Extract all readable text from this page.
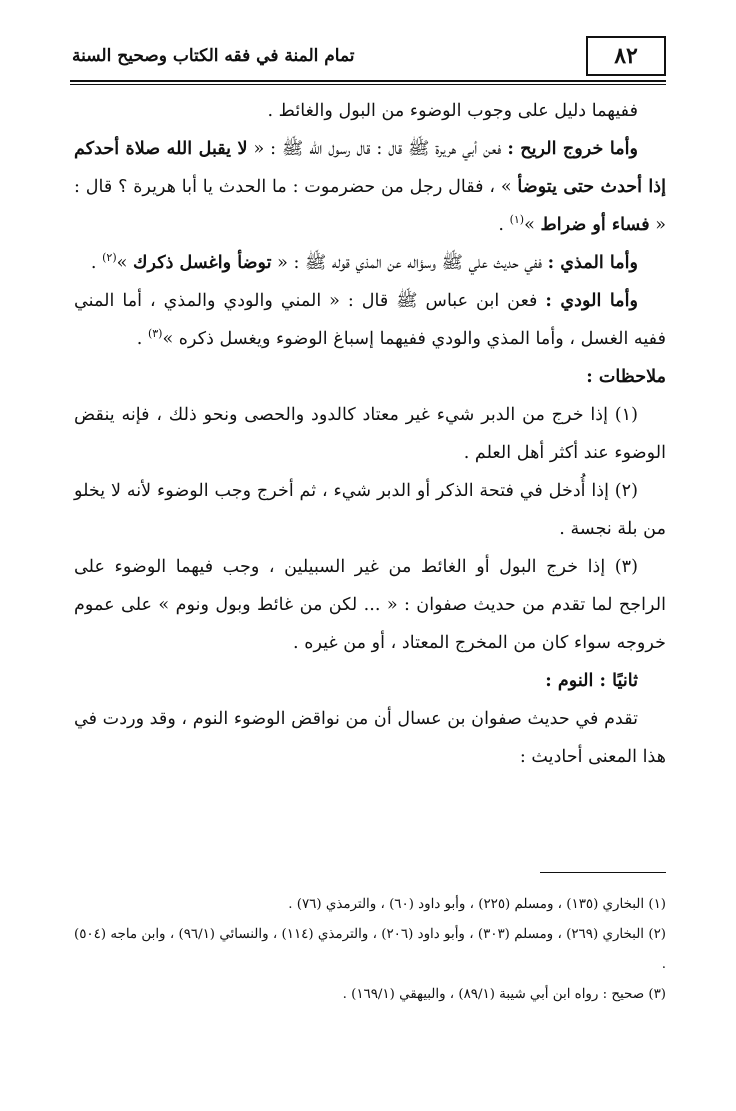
٨٢
تمام المنة في فقه الكتاب وصحيح السنة

ففيهما دليل على وجوب الوضوء من البول والغائط .

وأما خروج الريح : فعن أبي هريرة ﷺ قال : قال رسول الله ﷺ : « لا يقبل الله صلاة أحدكم إذا أحدث حتى يتوضأ » ، فقال رجل من حضرموت : ما الحدث يا أبا هريرة ؟ قال : « فساء أو ضراط »$^{(١)}$ .

وأما المذي : ففي حديث علي ﷺ وسؤاله عن المذي قوله ﷺ : « توضأ واغسل ذكرك »$^{(٢)}$ .

وأما الودي : فعن ابن عباس ﷺ قال : « المني والودي والمذي ، أما المني ففيه الغسل ، وأما المذي والودي ففيهما إسباغ الوضوء ويغسل ذكره »$^{(٣)}$ .

ملاحظات :

(١) إذا خرج من الدبر شيء غير معتاد كالدود والحصى ونحو ذلك ، فإنه ينقض الوضوء عند أكثر أهل العلم .

(٢) إذا أُدخل في فتحة الذكر أو الدبر شيء ، ثم أخرج وجب الوضوء لأنه لا يخلو من بلة نجسة .

(٣) إذا خرج البول أو الغائط من غير السبيلين ، وجب فيهما الوضوء على الراجح لما تقدم من حديث صفوان : « ... لكن من غائط وبول ونوم » على عموم خروجه سواء كان من المخرج المعتاد ، أو من غيره .

ثانيًا : النوم :

تقدم في حديث صفوان بن عسال أن من نواقض الوضوء النوم ، وقد وردت في هذا المعنى أحاديث :

(١) البخاري (١٣٥) ، ومسلم (٢٢٥) ، وأبو داود (٦٠) ، والترمذي (٧٦) .

(٢) البخاري (٢٦٩) ، ومسلم (٣٠٣) ، وأبو داود (٢٠٦) ، والترمذي (١١٤) ، والنسائي (٩٦/١) ، وابن ماجه (٥٠٤) .

(٣) صحيح : رواه ابن أبي شيبة (٨٩/١) ، والبيهقي (١٦٩/١) .
